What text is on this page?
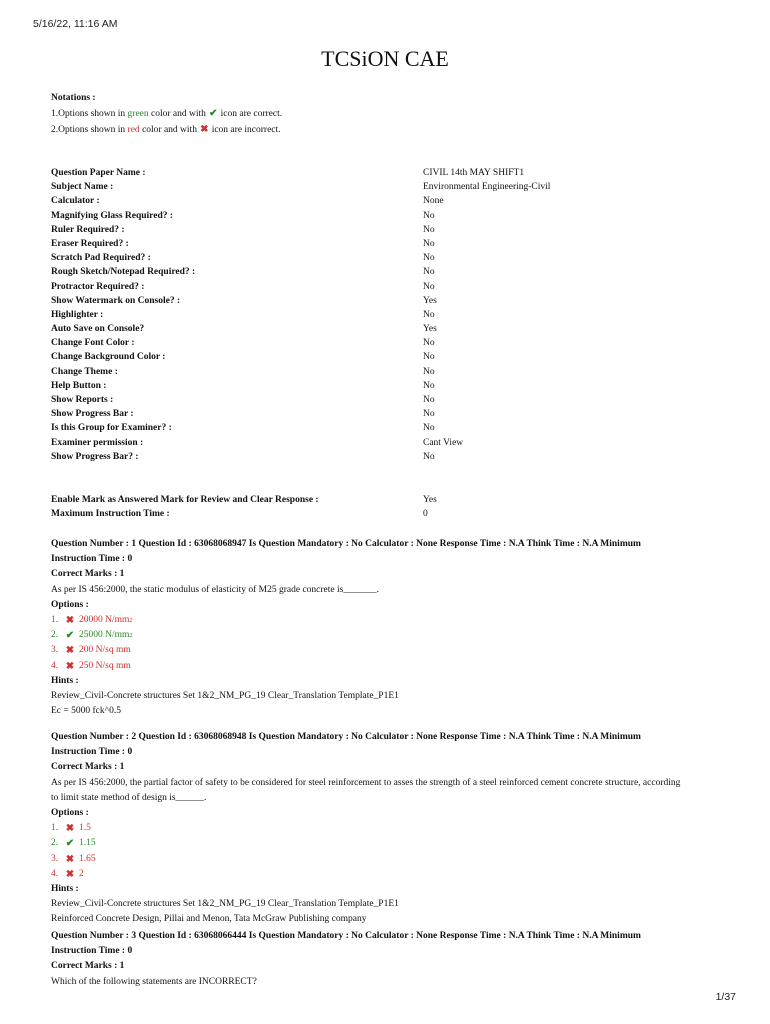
5/16/22, 11:16 AM
TCSiON CAE
Notations :
1.Options shown in green color and with ✔ icon are correct.
2.Options shown in red color and with ✖ icon are incorrect.
Question Paper Name :	CIVIL 14th MAY SHIFT1
Subject Name :	Environmental Engineering-Civil
Calculator :	None
Magnifying Glass Required? :	No
Ruler Required? :	No
Eraser Required? :	No
Scratch Pad Required? :	No
Rough Sketch/Notepad Required? :	No
Protractor Required? :	No
Show Watermark on Console? :	Yes
Highlighter :	No
Auto Save on Console?	Yes
Change Font Color :	No
Change Background Color :	No
Change Theme :	No
Help Button :	No
Show Reports :	No
Show Progress Bar :	No
Is this Group for Examiner? :	No
Examiner permission :	Cant View
Show Progress Bar? :	No
Enable Mark as Answered Mark for Review and Clear Response :	Yes
Maximum Instruction Time :	0
Question Number : 1 Question Id : 63068068947 Is Question Mandatory : No Calculator : None Response Time : N.A Think Time : N.A Minimum
Instruction Time : 0
Correct Marks : 1
As per IS 456:2000, the static modulus of elasticity of M25 grade concrete is_______.
Options :
1. ✖ 20000 N/mm 2
2. ✔ 25000 N/mm 2
3. ✖ 200 N/sq mm
4. ✖ 250 N/sq mm
Hints :
Review_Civil-Concrete structures Set 1&2_NM_PG_19 Clear_Translation Template_P1E1
Ec = 5000 fck^0.5
Question Number : 2 Question Id : 63068068948 Is Question Mandatory : No Calculator : None Response Time : N.A Think Time : N.A Minimum
Instruction Time : 0
Correct Marks : 1
As per IS 456:2000, the partial factor of safety to be considered for steel reinforcement to asses the strength of a steel reinforced cement concrete structure, according
to limit state method of design is______.
Options :
1. ✖ 1.5
2. ✔ 1.15
3. ✖ 1.65
4. ✖ 2
Hints :
Review_Civil-Concrete structures Set 1&2_NM_PG_19 Clear_Translation Template_P1E1
Reinforced Concrete Design, Pillai and Menon, Tata McGraw Publishing company
Question Number : 3 Question Id : 63068066444 Is Question Mandatory : No Calculator : None Response Time : N.A Think Time : N.A Minimum
Instruction Time : 0
Correct Marks : 1
Which of the following statements are INCORRECT?
1/37
